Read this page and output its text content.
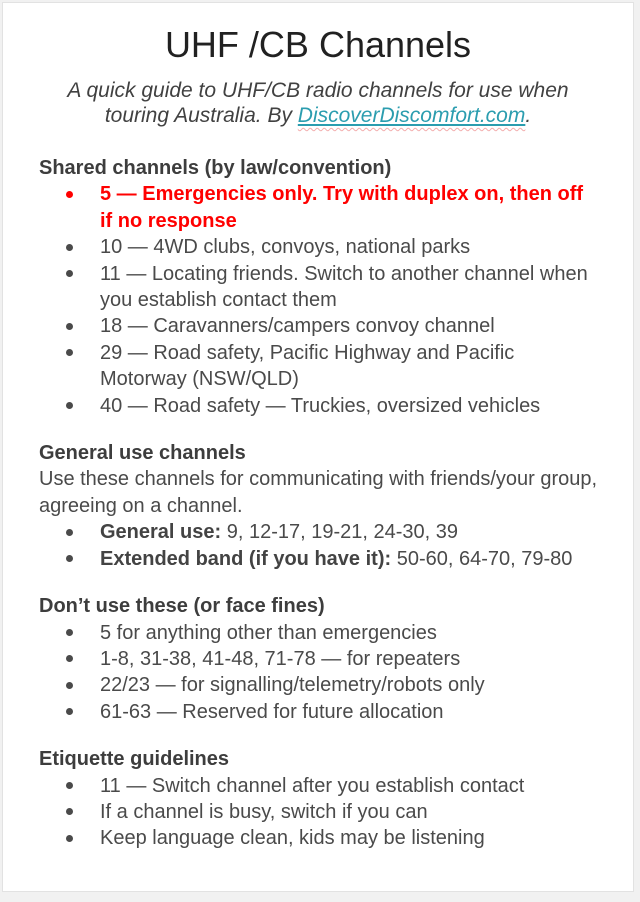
UHF /CB Channels

A quick guide to UHF/CB radio channels for use when
touring Australia. By DiscoverDiscomfort.com.

Shared channels (by law/convention)
5 — Emergencies only. Try with duplex on, then off if no response
10 — 4WD clubs, convoys, national parks
11 — Locating friends. Switch to another channel when you establish contact them
18 — Caravanners/campers convoy channel
29 — Road safety, Pacific Highway and Pacific Motorway (NSW/QLD)
40 — Road safety — Truckies, oversized vehicles
General use channels

Use these channels for communicating with friends/your group, agreeing on a channel.

General use: 9, 12-17, 19-21, 24-30, 39
Extended band (if you have it): 50-60, 64-70, 79-80
Don’t use these (or face fines)
5 for anything other than emergencies
1-8, 31-38, 41-48, 71-78 — for repeaters
22/23 — for signalling/telemetry/robots only
61-63 — Reserved for future allocation
Etiquette guidelines
11 — Switch channel after you establish contact
If a channel is busy, switch if you can
Keep language clean, kids may be listening
